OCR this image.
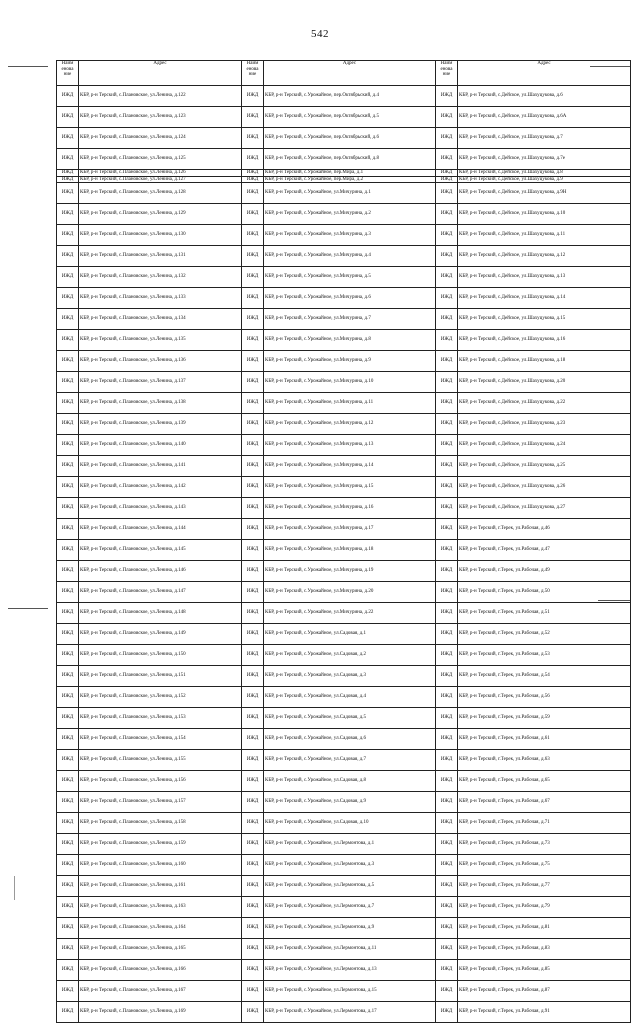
542
Наим енова ние	Адрес	Наим енова ние	Адрес	Наим енова ние	Адрес
ИЖД	КБР, р-н Терский, с.Плановское, ул.Ленина, д.122	ИЖД	КБР, р-н Терский, с.Урожайное, пер.Октябрьский, д.4	ИЖД	КБР, р-н Терский, с.Дейское, ул.Шахуцукова, д.6
ИЖД	КБР, р-н Терский, с.Плановское, ул.Ленина, д.123	ИЖД	КБР, р-н Терский, с.Урожайное, пер.Октябрьский, д.5	ИЖД	КБР, р-н Терский, с.Дейское, ул.Шахуцукова, д.6А
ИЖД	КБР, р-н Терский, с.Плановское, ул.Ленина, д.124	ИЖД	КБР, р-н Терский, с.Урожайное, пер.Октябрьский, д.6	ИЖД	КБР, р-н Терский, с.Дейское, ул.Шахуцукова, д.7
ИЖД	КБР, р-н Терский, с.Плановское, ул.Ленина, д.125	ИЖД	КБР, р-н Терский, с.Урожайное, пер.Октябрьский, д.8	ИЖД	КБР, р-н Терский, с.Дейское, ул.Шахуцукова, д.7е
ИЖД	КБР, р-н Терский, с.Плановское, ул.Ленина, д.126	ИЖД	КБР, р-н Терский, с.Урожайное, пер.Мира, д.1	ИЖД	КБР, р-н Терский, с.Дейское, ул.Шахуцукова, д.8
ИЖД	КБР, р-н Терский, с.Плановское, ул.Ленина, д.127	ИЖД	КБР, р-н Терский, с.Урожайное, пер.Мира, д.2	ИЖД	КБР, р-н Терский, с.Дейское, ул.Шахуцукова, д.9
ИЖД	КБР, р-н Терский, с.Плановское, ул.Ленина, д.128	ИЖД	КБР, р-н Терский, с.Урожайное, ул.Мичурина, д.1	ИЖД	КБР, р-н Терский, с.Дейское, ул.Шахуцукова, д.9Н
ИЖД	КБР, р-н Терский, с.Плановское, ул.Ленина, д.129	ИЖД	КБР, р-н Терский, с.Урожайное, ул.Мичурина, д.2	ИЖД	КБР, р-н Терский, с.Дейское, ул.Шахуцукова, д.10
ИЖД	КБР, р-н Терский, с.Плановское, ул.Ленина, д.130	ИЖД	КБР, р-н Терский, с.Урожайное, ул.Мичурина, д.3	ИЖД	КБР, р-н Терский, с.Дейское, ул.Шахуцукова, д.11
ИЖД	КБР, р-н Терский, с.Плановское, ул.Ленина, д.131	ИЖД	КБР, р-н Терский, с.Урожайное, ул.Мичурина, д.4	ИЖД	КБР, р-н Терский, с.Дейское, ул.Шахуцукова, д.12
ИЖД	КБР, р-н Терский, с.Плановское, ул.Ленина, д.132	ИЖД	КБР, р-н Терский, с.Урожайное, ул.Мичурина, д.5	ИЖД	КБР, р-н Терский, с.Дейское, ул.Шахуцукова, д.13
ИЖД	КБР, р-н Терский, с.Плановское, ул.Ленина, д.133	ИЖД	КБР, р-н Терский, с.Урожайное, ул.Мичурина, д.6	ИЖД	КБР, р-н Терский, с.Дейское, ул.Шахуцукова, д.14
ИЖД	КБР, р-н Терский, с.Плановское, ул.Ленина, д.134	ИЖД	КБР, р-н Терский, с.Урожайное, ул.Мичурина, д.7	ИЖД	КБР, р-н Терский, с.Дейское, ул.Шахуцукова, д.15
ИЖД	КБР, р-н Терский, с.Плановское, ул.Ленина, д.135	ИЖД	КБР, р-н Терский, с.Урожайное, ул.Мичурина, д.8	ИЖД	КБР, р-н Терский, с.Дейское, ул.Шахуцукова, д.16
ИЖД	КБР, р-н Терский, с.Плановское, ул.Ленина, д.136	ИЖД	КБР, р-н Терский, с.Урожайное, ул.Мичурина, д.9	ИЖД	КБР, р-н Терский, с.Дейское, ул.Шахуцукова, д.18
ИЖД	КБР, р-н Терский, с.Плановское, ул.Ленина, д.137	ИЖД	КБР, р-н Терский, с.Урожайное, ул.Мичурина, д.10	ИЖД	КБР, р-н Терский, с.Дейское, ул.Шахуцукова, д.20
ИЖД	КБР, р-н Терский, с.Плановское, ул.Ленина, д.138	ИЖД	КБР, р-н Терский, с.Урожайное, ул.Мичурина, д.11	ИЖД	КБР, р-н Терский, с.Дейское, ул.Шахуцукова, д.22
ИЖД	КБР, р-н Терский, с.Плановское, ул.Ленина, д.139	ИЖД	КБР, р-н Терский, с.Урожайное, ул.Мичурина, д.12	ИЖД	КБР, р-н Терский, с.Дейское, ул.Шахуцукова, д.23
ИЖД	КБР, р-н Терский, с.Плановское, ул.Ленина, д.140	ИЖД	КБР, р-н Терский, с.Урожайное, ул.Мичурина, д.13	ИЖД	КБР, р-н Терский, с.Дейское, ул.Шахуцукова, д.24
ИЖД	КБР, р-н Терский, с.Плановское, ул.Ленина, д.141	ИЖД	КБР, р-н Терский, с.Урожайное, ул.Мичурина, д.14	ИЖД	КБР, р-н Терский, с.Дейское, ул.Шахуцукова, д.25
ИЖД	КБР, р-н Терский, с.Плановское, ул.Ленина, д.142	ИЖД	КБР, р-н Терский, с.Урожайное, ул.Мичурина, д.15	ИЖД	КБР, р-н Терский, с.Дейское, ул.Шахуцукова, д.26
ИЖД	КБР, р-н Терский, с.Плановское, ул.Ленина, д.143	ИЖД	КБР, р-н Терский, с.Урожайное, ул.Мичурина, д.16	ИЖД	КБР, р-н Терский, с.Дейское, ул.Шахуцукова, д.27
ИЖД	КБР, р-н Терский, с.Плановское, ул.Ленина, д.144	ИЖД	КБР, р-н Терский, с.Урожайное, ул.Мичурина, д.17	ИЖД	КБР, р-н Терский, г.Терек, ул.Рабочая, д.46
ИЖД	КБР, р-н Терский, с.Плановское, ул.Ленина, д.145	ИЖД	КБР, р-н Терский, с.Урожайное, ул.Мичурина, д.18	ИЖД	КБР, р-н Терский, г.Терек, ул.Рабочая, д.47
ИЖД	КБР, р-н Терский, с.Плановское, ул.Ленина, д.146	ИЖД	КБР, р-н Терский, с.Урожайное, ул.Мичурина, д.19	ИЖД	КБР, р-н Терский, г.Терек, ул.Рабочая, д.49
ИЖД	КБР, р-н Терский, с.Плановское, ул.Ленина, д.147	ИЖД	КБР, р-н Терский, с.Урожайное, ул.Мичурина, д.20	ИЖД	КБР, р-н Терский, г.Терек, ул.Рабочая, д.50
ИЖД	КБР, р-н Терский, с.Плановское, ул.Ленина, д.148	ИЖД	КБР, р-н Терский, с.Урожайное, ул.Мичурина, д.22	ИЖД	КБР, р-н Терский, г.Терек, ул.Рабочая, д.51
ИЖД	КБР, р-н Терский, с.Плановское, ул.Ленина, д.149	ИЖД	КБР, р-н Терский, с.Урожайное, ул.Садовая, д.1	ИЖД	КБР, р-н Терский, г.Терек, ул.Рабочая, д.52
ИЖД	КБР, р-н Терский, с.Плановское, ул.Ленина, д.150	ИЖД	КБР, р-н Терский, с.Урожайное, ул.Садовая, д.2	ИЖД	КБР, р-н Терский, г.Терек, ул.Рабочая, д.53
ИЖД	КБР, р-н Терский, с.Плановское, ул.Ленина, д.151	ИЖД	КБР, р-н Терский, с.Урожайное, ул.Садовая, д.3	ИЖД	КБР, р-н Терский, г.Терек, ул.Рабочая, д.54
ИЖД	КБР, р-н Терский, с.Плановское, ул.Ленина, д.152	ИЖД	КБР, р-н Терский, с.Урожайное, ул.Садовая, д.4	ИЖД	КБР, р-н Терский, г.Терек, ул.Рабочая, д.56
ИЖД	КБР, р-н Терский, с.Плановское, ул.Ленина, д.153	ИЖД	КБР, р-н Терский, с.Урожайное, ул.Садовая, д.5	ИЖД	КБР, р-н Терский, г.Терек, ул.Рабочая, д.59
ИЖД	КБР, р-н Терский, с.Плановское, ул.Ленина, д.154	ИЖД	КБР, р-н Терский, с.Урожайное, ул.Садовая, д.6	ИЖД	КБР, р-н Терский, г.Терек, ул.Рабочая, д.61
ИЖД	КБР, р-н Терский, с.Плановское, ул.Ленина, д.155	ИЖД	КБР, р-н Терский, с.Урожайное, ул.Садовая, д.7	ИЖД	КБР, р-н Терский, г.Терек, ул.Рабочая, д.63
ИЖД	КБР, р-н Терский, с.Плановское, ул.Ленина, д.156	ИЖД	КБР, р-н Терский, с.Урожайное, ул.Садовая, д.8	ИЖД	КБР, р-н Терский, г.Терек, ул.Рабочая, д.65
ИЖД	КБР, р-н Терский, с.Плановское, ул.Ленина, д.157	ИЖД	КБР, р-н Терский, с.Урожайное, ул.Садовая, д.9	ИЖД	КБР, р-н Терский, г.Терек, ул.Рабочая, д.67
ИЖД	КБР, р-н Терский, с.Плановское, ул.Ленина, д.158	ИЖД	КБР, р-н Терский, с.Урожайное, ул.Садовая, д.10	ИЖД	КБР, р-н Терский, г.Терек, ул.Рабочая, д.71
ИЖД	КБР, р-н Терский, с.Плановское, ул.Ленина, д.159	ИЖД	КБР, р-н Терский, с.Урожайное, ул.Лермонтова, д.1	ИЖД	КБР, р-н Терский, г.Терек, ул.Рабочая, д.73
ИЖД	КБР, р-н Терский, с.Плановское, ул.Ленина, д.160	ИЖД	КБР, р-н Терский, с.Урожайное, ул.Лермонтова, д.3	ИЖД	КБР, р-н Терский, г.Терек, ул.Рабочая, д.75
ИЖД	КБР, р-н Терский, с.Плановское, ул.Ленина, д.161	ИЖД	КБР, р-н Терский, с.Урожайное, ул.Лермонтова, д.5	ИЖД	КБР, р-н Терский, г.Терек, ул.Рабочая, д.77
ИЖД	КБР, р-н Терский, с.Плановское, ул.Ленина, д.163	ИЖД	КБР, р-н Терский, с.Урожайное, ул.Лермонтова, д.7	ИЖД	КБР, р-н Терский, г.Терек, ул.Рабочая, д.79
ИЖД	КБР, р-н Терский, с.Плановское, ул.Ленина, д.164	ИЖД	КБР, р-н Терский, с.Урожайное, ул.Лермонтова, д.9	ИЖД	КБР, р-н Терский, г.Терек, ул.Рабочая, д.81
ИЖД	КБР, р-н Терский, с.Плановское, ул.Ленина, д.165	ИЖД	КБР, р-н Терский, с.Урожайное, ул.Лермонтова, д.11	ИЖД	КБР, р-н Терский, г.Терек, ул.Рабочая, д.83
ИЖД	КБР, р-н Терский, с.Плановское, ул.Ленина, д.166	ИЖД	КБР, р-н Терский, с.Урожайное, ул.Лермонтова, д.13	ИЖД	КБР, р-н Терский, г.Терек, ул.Рабочая, д.85
ИЖД	КБР, р-н Терский, с.Плановское, ул.Ленина, д.167	ИЖД	КБР, р-н Терский, с.Урожайное, ул.Лермонтова, д.15	ИЖД	КБР, р-н Терский, г.Терек, ул.Рабочая, д.87
ИЖД	КБР, р-н Терский, с.Плановское, ул.Ленина, д.169	ИЖД	КБР, р-н Терский, с.Урожайное, ул.Лермонтова, д.17	ИЖД	КБР, р-н Терский, г.Терек, ул.Рабочая, д.91
